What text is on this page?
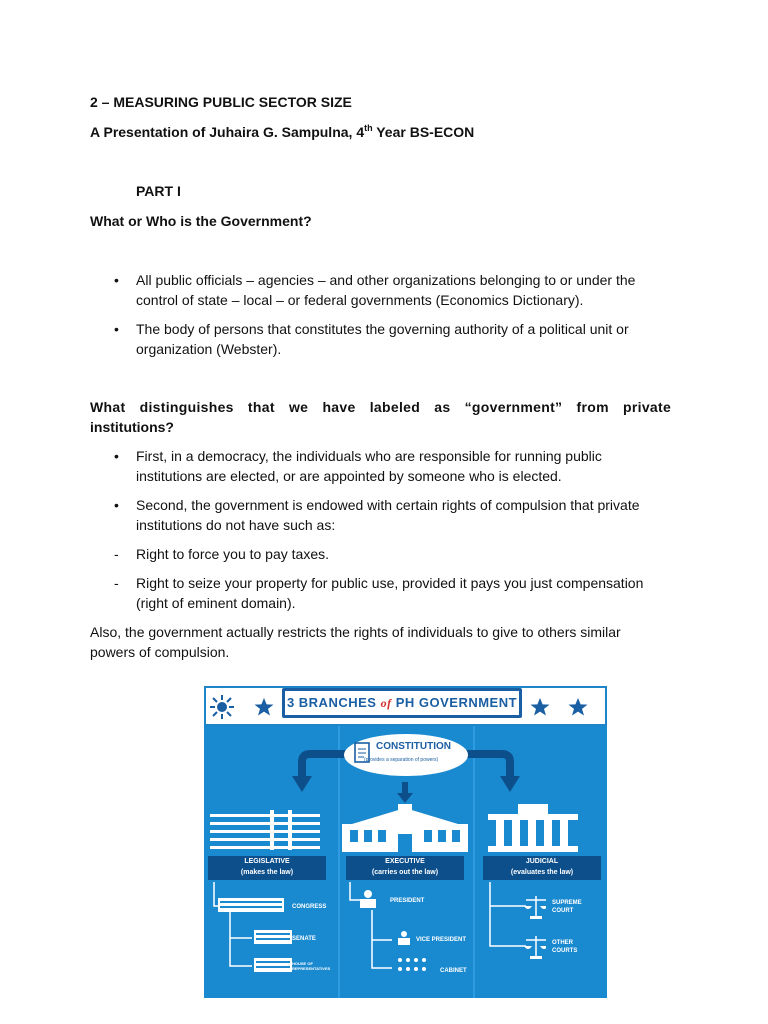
2 – MEASURING PUBLIC SECTOR SIZE
A Presentation of Juhaira G. Sampulna, 4th Year BS-ECON
PART I
What or Who is the Government?
• All public officials – agencies – and other organizations belonging to or under the
control of state – local – or federal governments (Economics Dictionary).
• The body of persons that constitutes the governing authority of a political unit or
organization (Webster).
What distinguishes that we have labeled as “government” from private
institutions?
• First, in a democracy, the individuals who are responsible for running public
institutions are elected, or are appointed by someone who is elected.
• Second, the government is endowed with certain rights of compulsion that private
institutions do not have such as:
- Right to force you to pay taxes.
- Right to seize your property for public use, provided it pays you just compensation
(right of eminent domain).
Also, the government actually restricts the rights of individuals to give to others similar
powers of compulsion.
3 BRANCHES of PH GOVERNMENT
CONSTITUTION
(provides a separation of powers)
LEGISLATIVE
(makes the law)
EXECUTIVE
(carries out the law)
JUDICIAL
(evaluates the law)
CONGRESS
SENATE
HOUSE OF
REPRESENTATIVES
PRESIDENT
VICE PRESIDENT
CABINET
SUPREME
COURT
OTHER
COURTS
